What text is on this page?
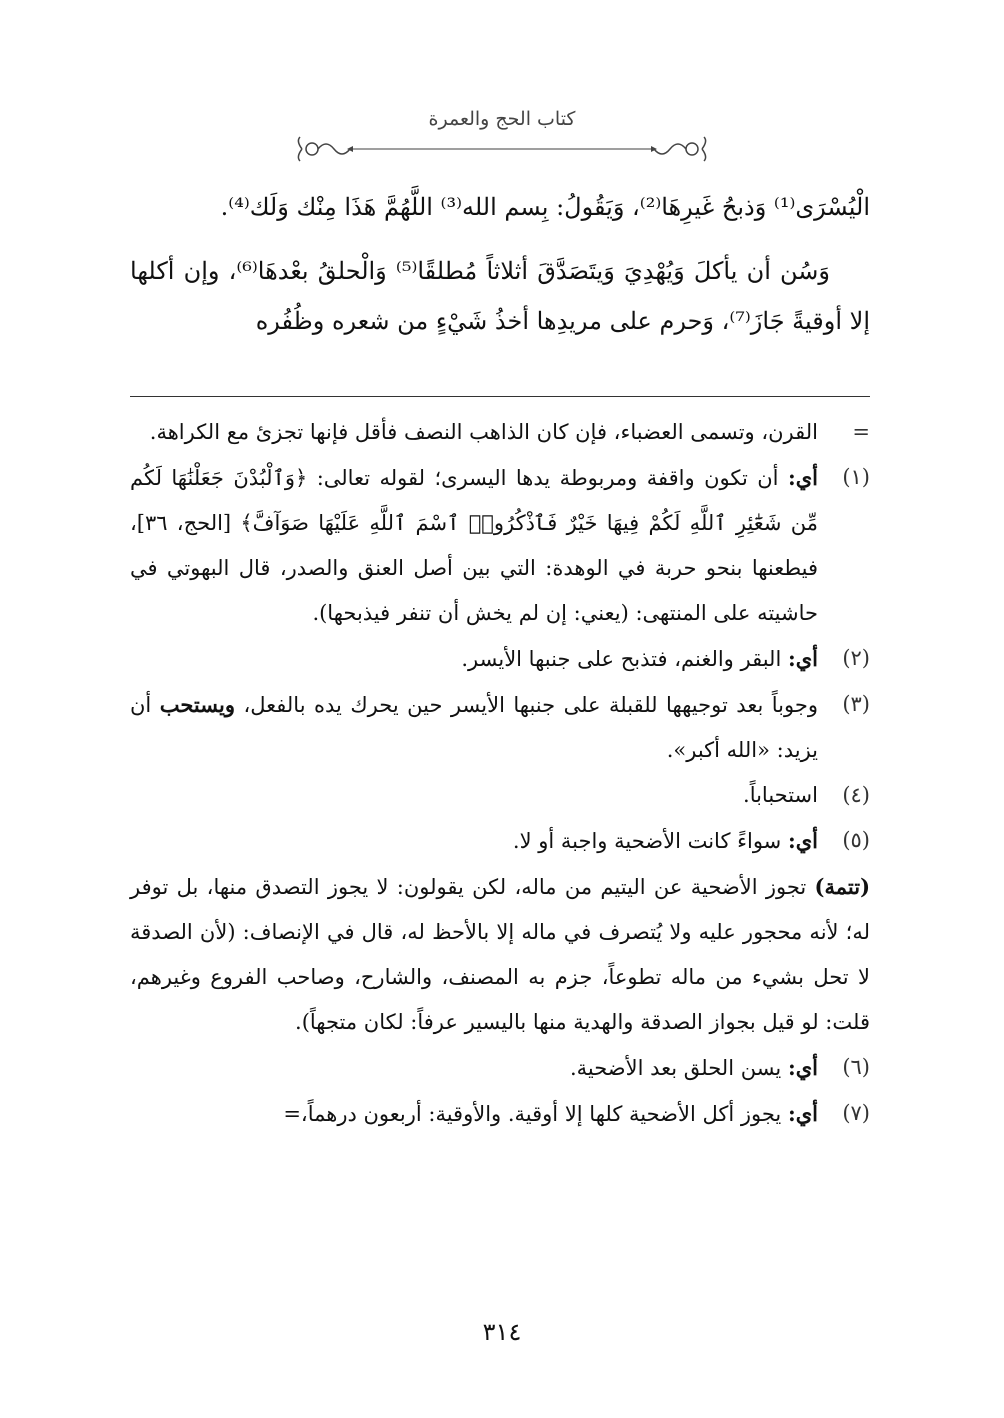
كتاب الحج والعمرة

الْيُسْرَى⁽¹⁾ وَذبحُ غَيرِهَا⁽²⁾، وَيَقُولُ: بِسم الله⁽³⁾ اللَّهُمَّ هَذَا مِنْك وَلَك⁽⁴⁾.

وَسُن أن يأكلَ وَيُهْدِيَ وَيتَصَدَّقَ أثلاثاً مُطلقًا⁽⁵⁾ وَالْحلقُ بعْدهَا⁽⁶⁾، وإن أكلها إلا أوقيةً جَازَ⁽⁷⁾، وَحرم على مريدِها أخذُ شَيْءٍ من شعره وظُفُره

=
القرن، وتسمى العضباء، فإن كان الذاهب النصف فأقل فإنها تجزئ مع الكراهة.
(١)
أي: أن تكون واقفة ومربوطة يدها اليسرى؛ لقوله تعالى: ﴿وَٱلْبُدْنَ جَعَلْنَٰهَا لَكُم مِّن شَعَٰٓئِرِ ٱللَّهِ لَكُمْ فِيهَا خَيْرٌ فَٱذْكُرُوا۟ ٱسْمَ ٱللَّهِ عَلَيْهَا صَوَآفَّ﴾ [الحج، ٣٦]، فيطعنها بنحو حربة في الوهدة: التي بين أصل العنق والصدر، قال البهوتي في حاشيته على المنتهى: (يعني: إن لم يخش أن تنفر فيذبحها).
(٢)
أي: البقر والغنم، فتذبح على جنبها الأيسر.
(٣)
وجوباً بعد توجيهها للقبلة على جنبها الأيسر حين يحرك يده بالفعل، ويستحب أن يزيد: «الله أكبر».
(٤)
استحباباً.
(٥)
أي: سواءً كانت الأضحية واجبة أو لا.
(تتمة) تجوز الأضحية عن اليتيم من ماله، لكن يقولون: لا يجوز التصدق منها، بل توفر له؛ لأنه محجور عليه ولا يُتصرف في ماله إلا بالأحظ له، قال في الإنصاف: (لأن الصدقة لا تحل بشيء من ماله تطوعاً، جزم به المصنف، والشارح، وصاحب الفروع وغيرهم، قلت: لو قيل بجواز الصدقة والهدية منها باليسير عرفاً: لكان متجهاً).
(٦)
أي: يسن الحلق بعد الأضحية.
(٧)
أي: يجوز أكل الأضحية كلها إلا أوقية. والأوقية: أربعون درهماً،=
٣١٤
